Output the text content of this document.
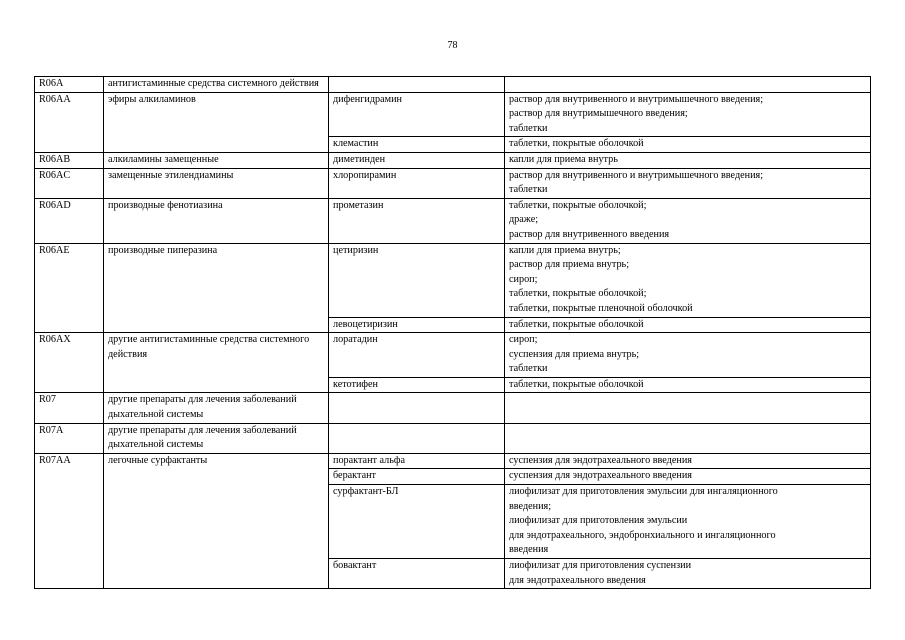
78
R06A	антигистаминные средства системного действия		
R06AA	эфиры алкиламинов	дифенгидрамин	раствор для внутривенного и внутримышечного введения;
раствор для внутримышечного введения;
таблетки

		клемастин	таблетки, покрытые оболочкой

R06AB	алкиламины замещенные	диметинден	капли для приема внутрь

R06AC	замещенные этилендиамины	хлоропирамин	раствор для внутривенного и внутримышечного введения;
таблетки

R06AD	производные фенотиазина	прометазин	таблетки, покрытые оболочкой;
драже;
раствор для внутривенного введения

R06AE	производные пиперазина	цетиризин	капли для приема внутрь;
раствор для приема внутрь;
сироп;
таблетки, покрытые оболочкой;
таблетки, покрытые пленочной оболочкой

		левоцетиризин	таблетки, покрытые оболочкой

R06AX	другие антигистаминные средства системного действия	лоратадин	сироп;
суспензия для приема внутрь;
таблетки

		кетотифен	таблетки, покрытые оболочкой

R07	другие препараты для лечения заболеваний дыхательной системы		
R07A	другие препараты для лечения заболеваний дыхательной системы		
R07AA	легочные сурфактанты	порактант альфа	суспензия для эндотрахеального введения

		берактант	суспензия для эндотрахеального введения

		сурфактант-БЛ	лиофилизат для приготовления эмульсии для ингаляционного
введения;
лиофилизат для приготовления эмульсии
для эндотрахеального, эндобронхиального и ингаляционного
введения

		бовактант	лиофилизат для приготовления суспензии
для эндотрахеального введения
